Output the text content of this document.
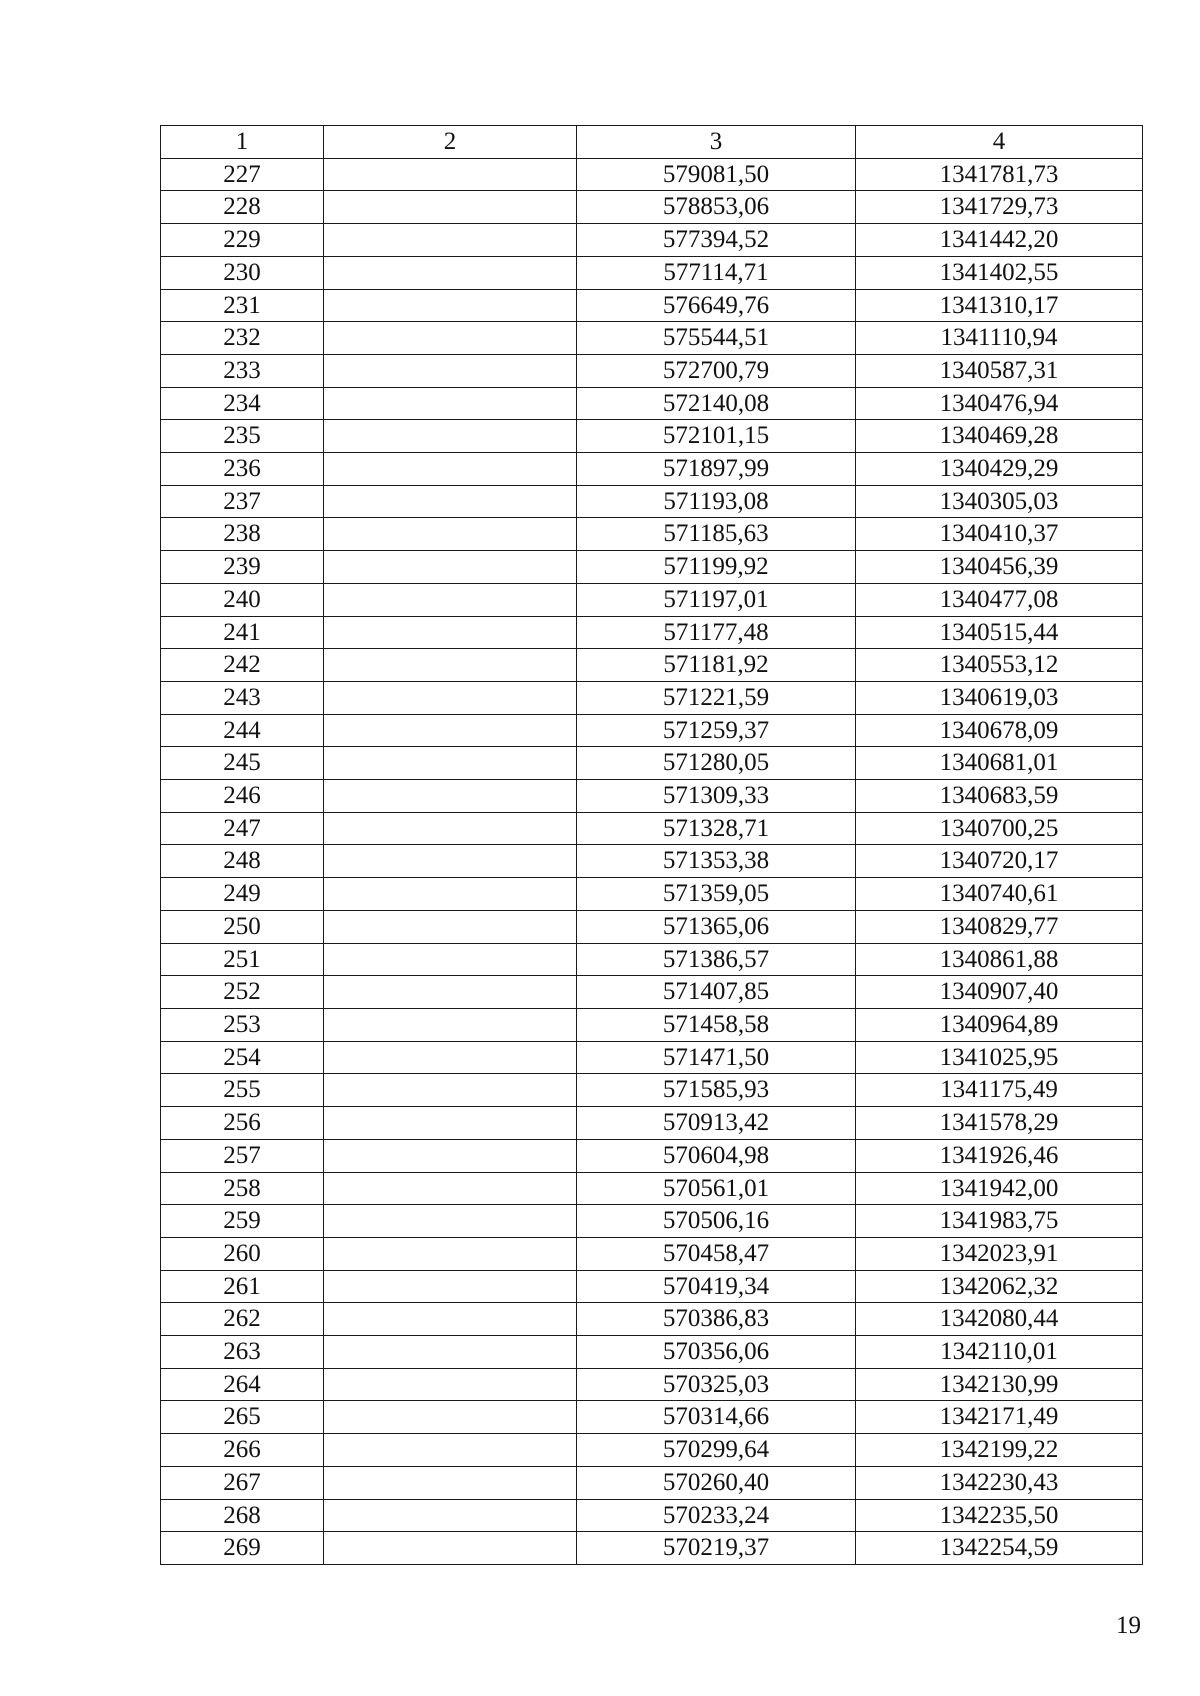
1	2	3	4
227		579081,50	1341781,73
228		578853,06	1341729,73
229		577394,52	1341442,20
230		577114,71	1341402,55
231		576649,76	1341310,17
232		575544,51	1341110,94
233		572700,79	1340587,31
234		572140,08	1340476,94
235		572101,15	1340469,28
236		571897,99	1340429,29
237		571193,08	1340305,03
238		571185,63	1340410,37
239		571199,92	1340456,39
240		571197,01	1340477,08
241		571177,48	1340515,44
242		571181,92	1340553,12
243		571221,59	1340619,03
244		571259,37	1340678,09
245		571280,05	1340681,01
246		571309,33	1340683,59
247		571328,71	1340700,25
248		571353,38	1340720,17
249		571359,05	1340740,61
250		571365,06	1340829,77
251		571386,57	1340861,88
252		571407,85	1340907,40
253		571458,58	1340964,89
254		571471,50	1341025,95
255		571585,93	1341175,49
256		570913,42	1341578,29
257		570604,98	1341926,46
258		570561,01	1341942,00
259		570506,16	1341983,75
260		570458,47	1342023,91
261		570419,34	1342062,32
262		570386,83	1342080,44
263		570356,06	1342110,01
264		570325,03	1342130,99
265		570314,66	1342171,49
266		570299,64	1342199,22
267		570260,40	1342230,43
268		570233,24	1342235,50
269		570219,37	1342254,59
19
